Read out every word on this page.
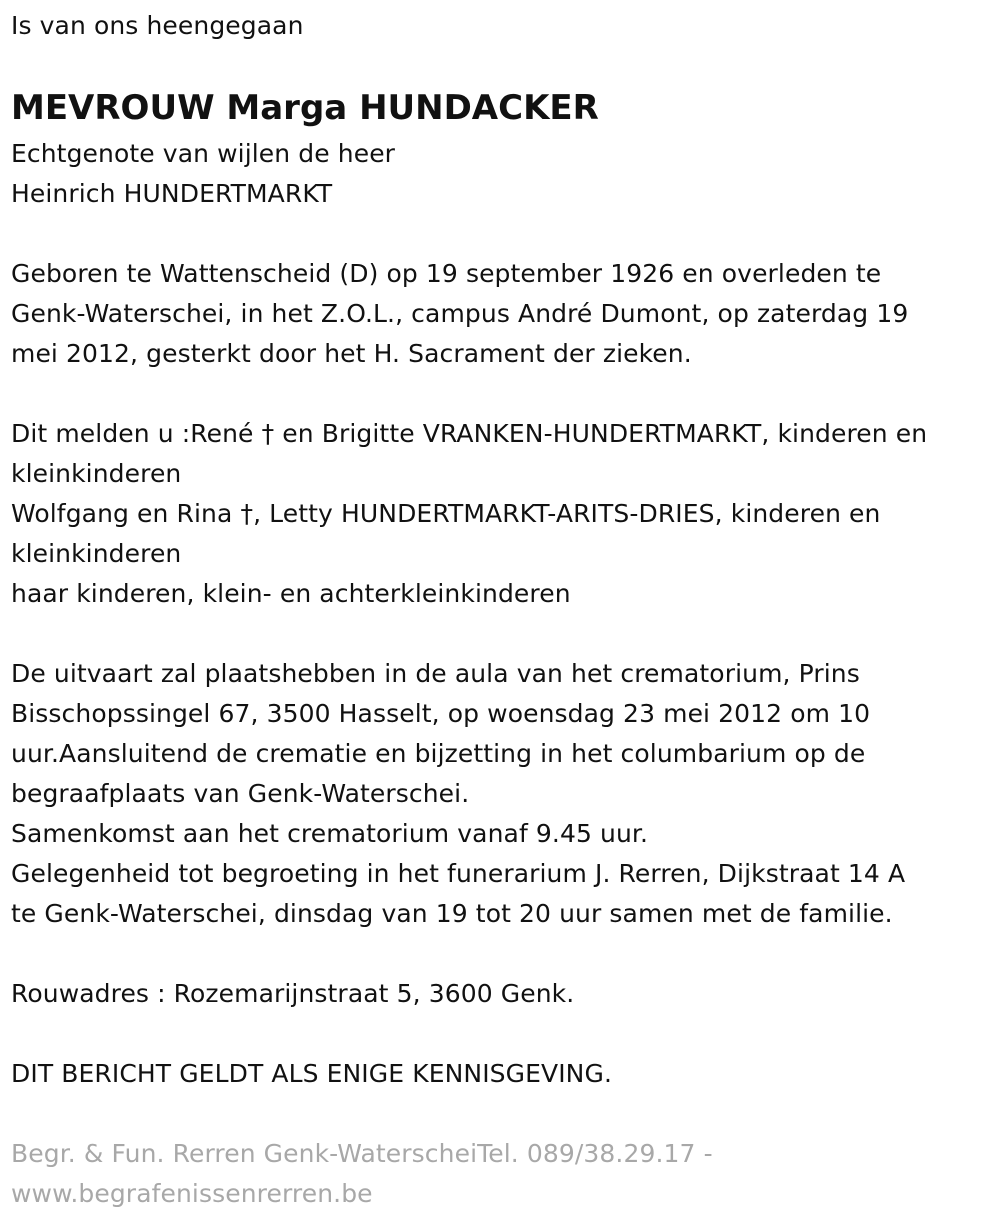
Is van ons heengegaan
MEVROUW Marga HUNDACKER
Echtgenote van wijlen de heer
Heinrich HUNDERTMARKT
Geboren te Wattenscheid (D) op 19 september 1926 en overleden te
Genk-Waterschei, in het Z.O.L., campus André Dumont, op zaterdag 19
mei 2012, gesterkt door het H. Sacrament der zieken.
Dit melden u :René † en Brigitte VRANKEN-HUNDERTMARKT, kinderen en
kleinkinderen
Wolfgang en Rina †, Letty HUNDERTMARKT-ARITS-DRIES, kinderen en
kleinkinderen
haar kinderen, klein- en achterkleinkinderen
De uitvaart zal plaatshebben in de aula van het crematorium, Prins
Bisschopssingel 67, 3500 Hasselt, op woensdag 23 mei 2012 om 10
uur.Aansluitend de crematie en bijzetting in het columbarium op de
begraafplaats van Genk-Waterschei.
Samenkomst aan het crematorium vanaf 9.45 uur.
Gelegenheid tot begroeting in het funerarium J. Rerren, Dijkstraat 14 A
te Genk-Waterschei, dinsdag van 19 tot 20 uur samen met de familie.
Rouwadres : Rozemarijnstraat 5, 3600 Genk.
DIT BERICHT GELDT ALS ENIGE KENNISGEVING.
Begr. & Fun. Rerren Genk-WaterscheiTel. 089/38.29.17 -
www.begrafenissenrerren.be
